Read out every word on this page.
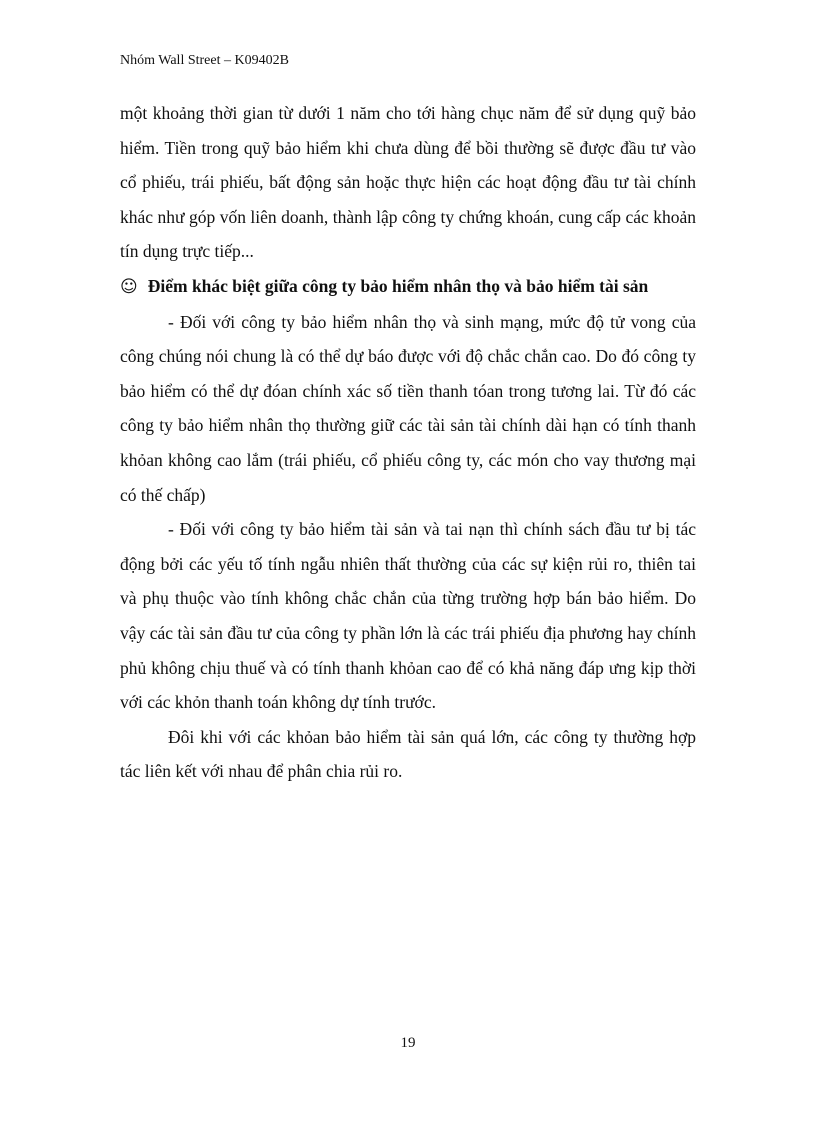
Nhóm Wall Street – K09402B

một khoảng thời gian từ dưới 1 năm cho tới hàng chục năm để sử dụng quỹ bảo hiểm. Tiền trong quỹ bảo hiểm khi chưa dùng để bồi thường sẽ được đầu tư vào cổ phiếu, trái phiếu, bất động sản hoặc thực hiện các hoạt động đầu tư tài chính khác như góp vốn liên doanh, thành lập công ty chứng khoán, cung cấp các khoản tín dụng trực tiếp...

☺ Điểm khác biệt giữa công ty bảo hiểm nhân thọ và bảo hiểm tài sản

- Đối với công ty bảo hiểm nhân thọ và sinh mạng, mức độ tử vong của công chúng nói chung là có thể dự báo được với độ chắc chắn cao. Do đó công ty bảo hiểm có thể dự đóan chính xác số tiền thanh tóan trong tương lai. Từ đó các công ty bảo hiểm nhân thọ thường giữ các tài sản tài chính dài hạn có tính thanh khỏan không cao lắm (trái phiếu, cổ phiếu công ty, các món cho vay thương mại có thế chấp)

- Đối với công ty bảo hiểm tài sản và tai nạn thì chính sách đầu tư bị tác động bởi các yếu tố tính ngẫu nhiên thất thường của các sự kiện rủi ro, thiên tai và phụ thuộc vào tính không chắc chắn của từng trường hợp bán bảo hiểm. Do vậy các tài sản đầu tư của công ty phần lớn là các trái phiếu địa phương hay chính phủ không chịu thuế và có tính thanh khỏan cao để có khả năng đáp ưng kịp thời với các khỏn thanh toán không dự tính trước.

Đôi khi với các khỏan bảo hiểm tài sản quá lớn, các công ty thường hợp tác liên kết với nhau để phân chia rủi ro.

19
